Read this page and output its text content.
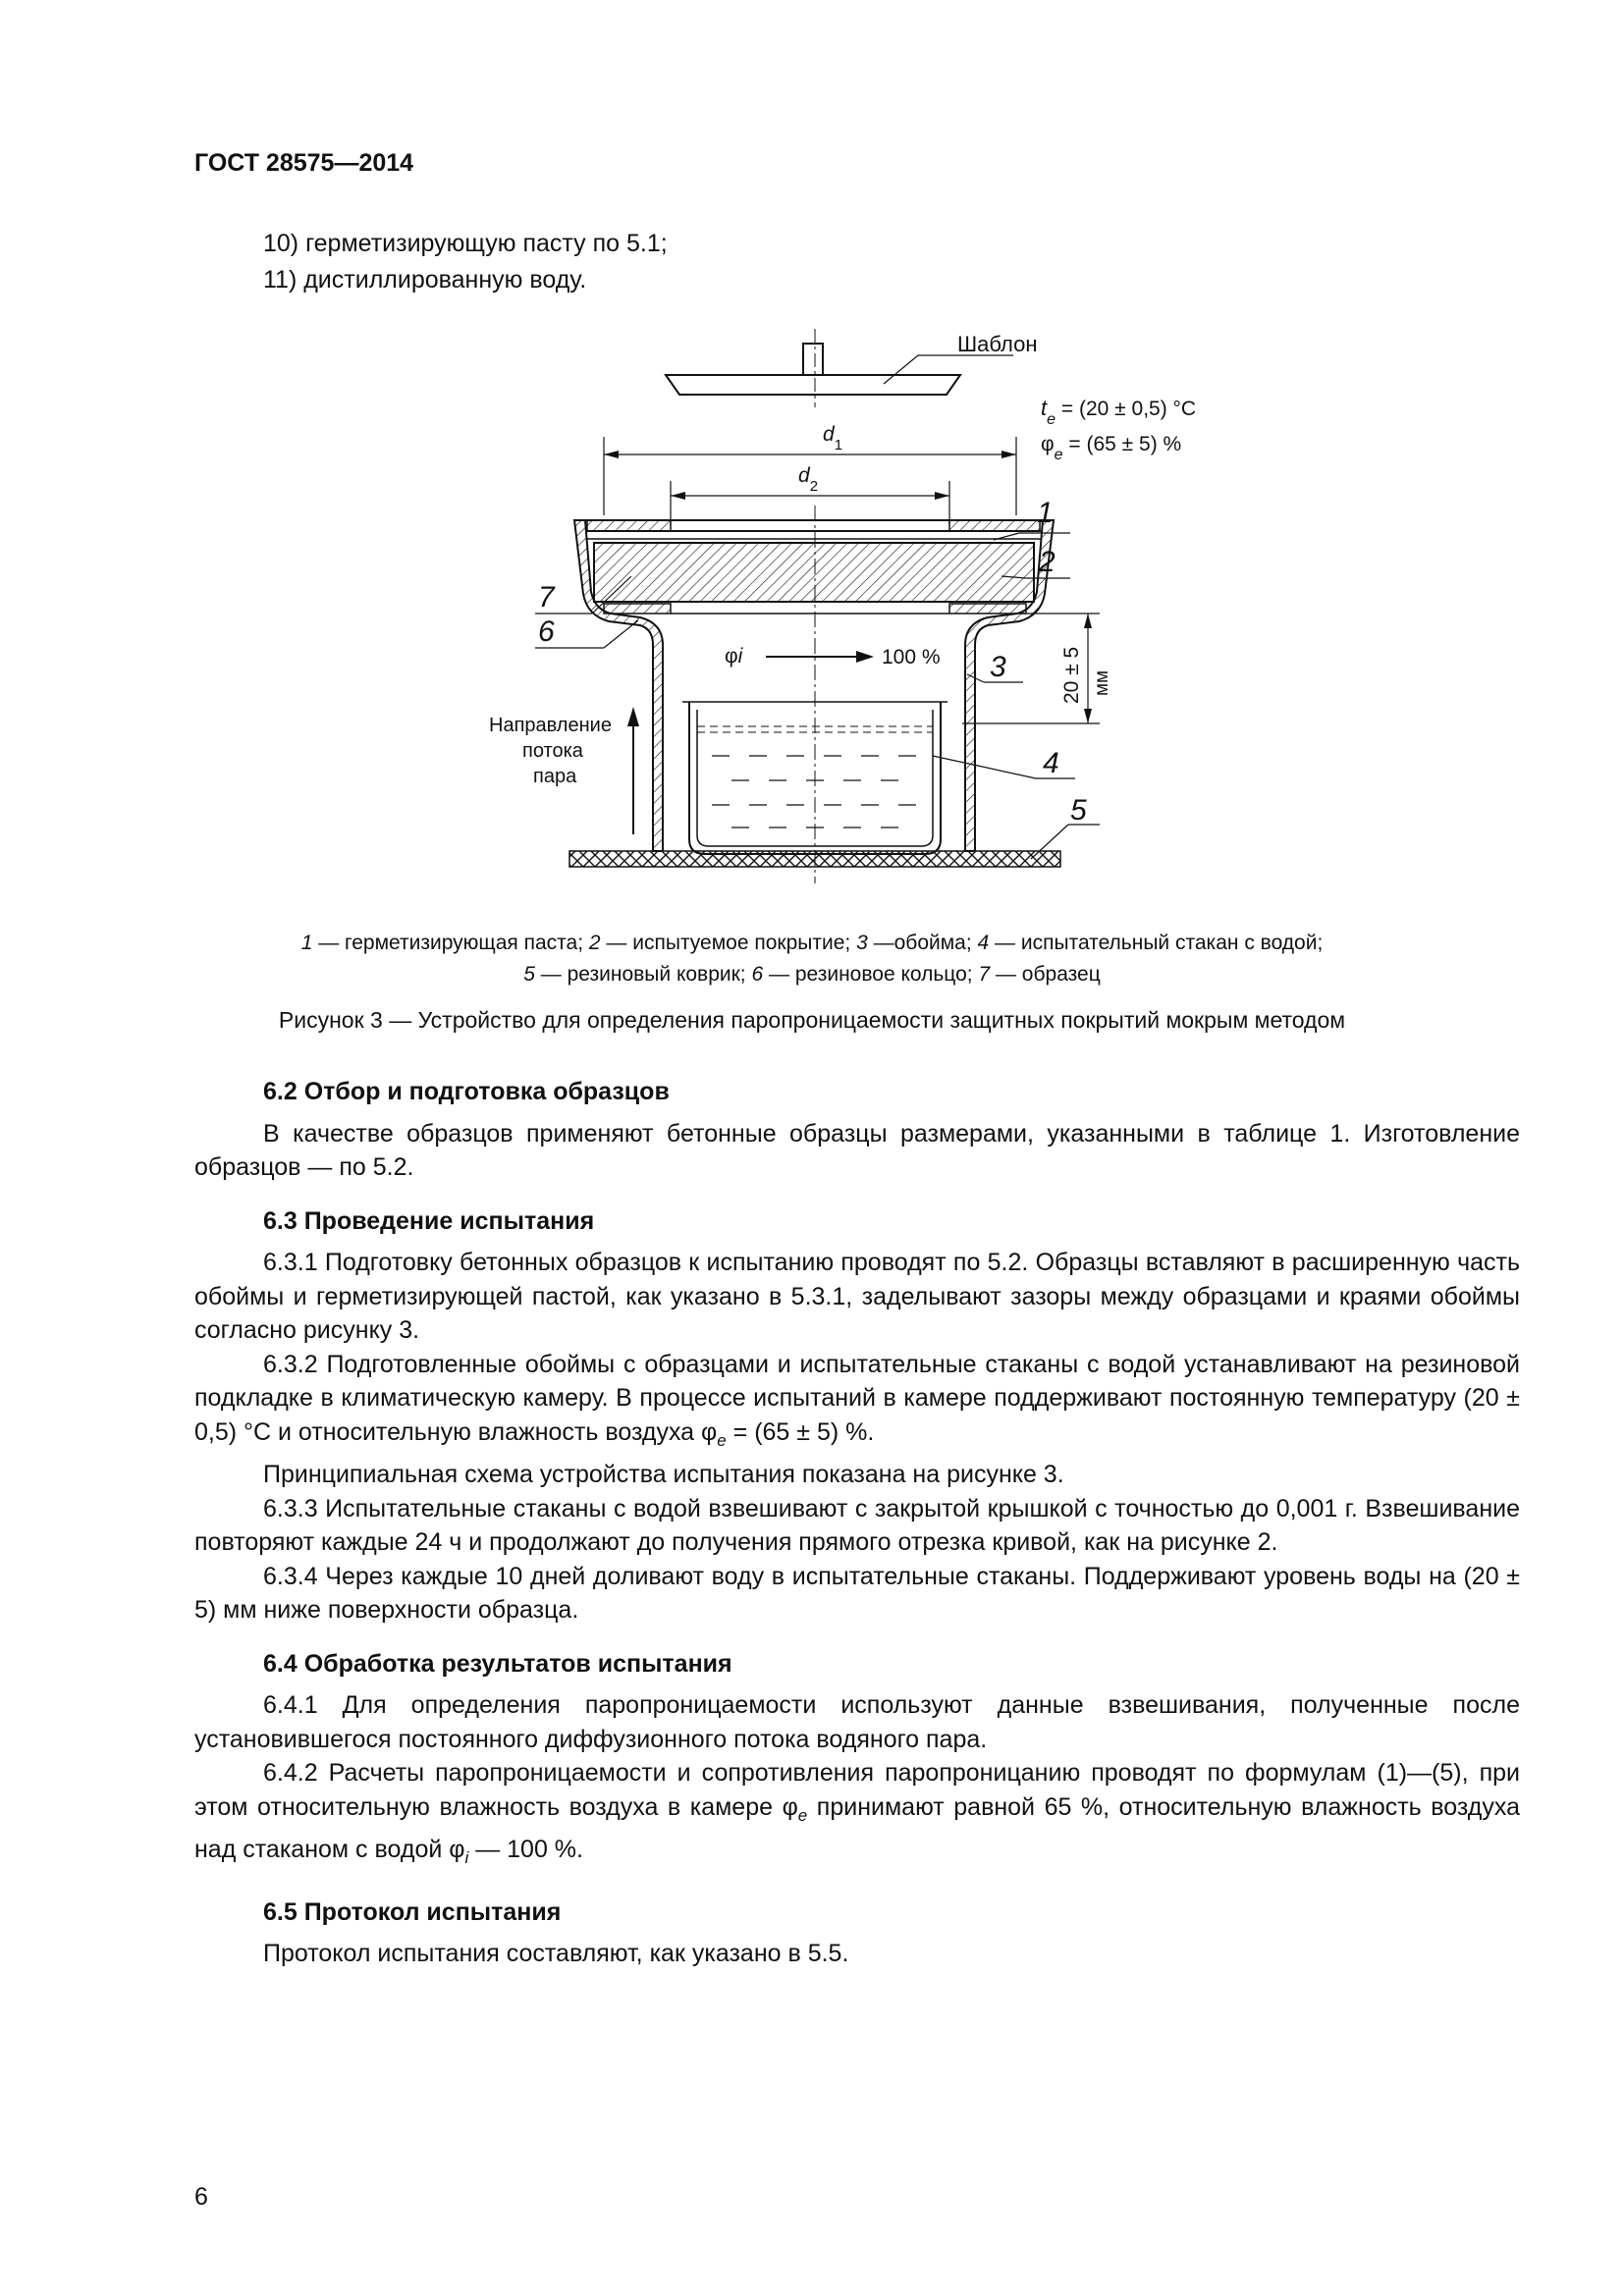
ГОСТ 28575—2014
10) герметизирующую пасту по 5.1;
11) дистиллированную воду.
Шаблон
$t_e = (20 \pm 0,5)$ °C
$\varphi_e = (65 \pm 5)$ %
$d_1$
$d_2$
φi	100 %	20 ± 5 мм
Направление
потока
пара
1
2
3
4
5
6
7
1 — герметизирующая паста; 2 — испытуемое покрытие; 3 —обойма; 4 — испытательный стакан с водой;
5 — резиновый коврик; 6 — резиновое кольцо; 7 — образец
Рисунок 3 — Устройство для определения паропроницаемости защитных покрытий мокрым методом
6.2 Отбор и подготовка образцов

В качестве образцов применяют бетонные образцы размерами, указанными в таблице 1. Изготовление образцов — по 5.2.

6.3 Проведение испытания

6.3.1 Подготовку бетонных образцов к испытанию проводят по 5.2. Образцы вставляют в расширенную часть обоймы и герметизирующей пастой, как указано в 5.3.1, заделывают зазоры между образцами и краями обоймы согласно рисунку 3.

6.3.2 Подготовленные обоймы с образцами и испытательные стаканы с водой устанавливают на резиновой подкладке в климатическую камеру. В процессе испытаний в камере поддерживают постоянную температуру (20 ± 0,5) °С и относительную влажность воздуха $\varphi_e = (65 \pm 5)$ %.

Принципиальная схема устройства испытания показана на рисунке 3.

6.3.3 Испытательные стаканы с водой взвешивают с закрытой крышкой с точностью до 0,001 г. Взвешивание повторяют каждые 24 ч и продолжают до получения прямого отрезка кривой, как на рисунке 2.

6.3.4 Через каждые 10 дней доливают воду в испытательные стаканы. Поддерживают уровень воды на (20 ± 5) мм ниже поверхности образца.

6.4 Обработка результатов испытания

6.4.1 Для определения паропроницаемости используют данные взвешивания, полученные после установившегося постоянного диффузионного потока водяного пара.

6.4.2 Расчеты паропроницаемости и сопротивления паропроницанию проводят по формулам (1)—(5), при этом относительную влажность воздуха в камере $\varphi_e$ принимают равной 65 %, относительную влажность воздуха над стаканом с водой $\varphi_i$ — 100 %.

6.5 Протокол испытания

Протокол испытания составляют, как указано в 5.5.

6
